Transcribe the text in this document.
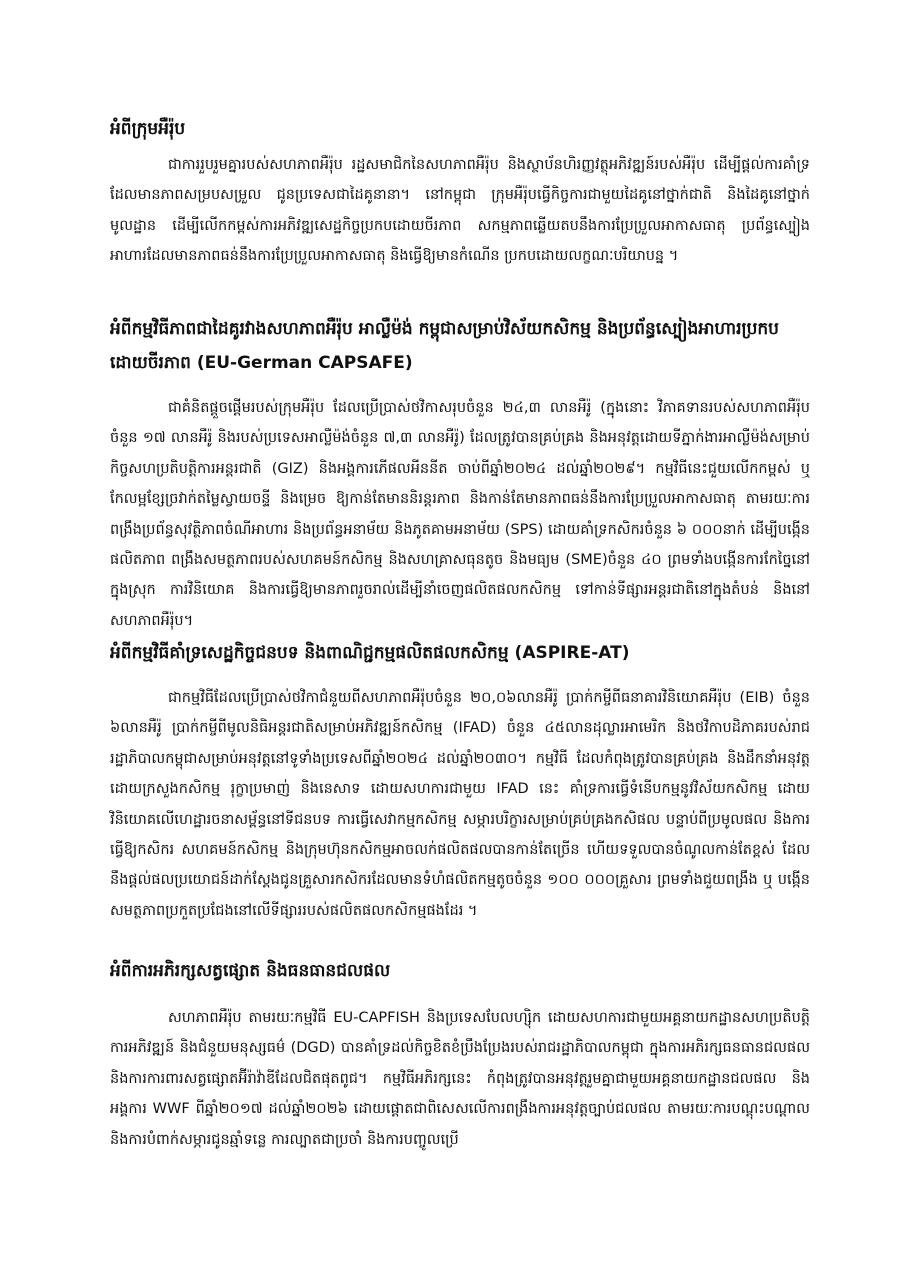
អំពីក្រុមអឺរ៉ុប

ជាការរួបរួមគ្នារបស់សហភាពអឺរ៉ុប រដ្ឋសមាជិកនៃសហភាពអឺរ៉ុប និងស្ថាប័នហិរញ្ញវត្ថុអភិវឌ្ឍន៍របស់អឺរ៉ុប ដើម្បីផ្តល់ការគាំទ្រ ដែលមានភាពសម្របសម្រួល ជូនប្រទេសជាដៃគូនានា។ នៅកម្ពុជា ក្រុមអឺរ៉ុបធ្វើកិច្ចការជាមួយដៃគូនៅថ្នាក់ជាតិ និងដៃគូនៅថ្នាក់មូលដ្ឋាន ដើម្បីលើកកម្ពស់ការអភិវឌ្ឍសេដ្ឋកិច្ចប្រកបដោយចីរភាព សកម្មភាពឆ្លើយតបនឹងការប្រែប្រួលអាកាសធាតុ ប្រព័ន្ធស្បៀងអាហារដែលមានភាពធន់នឹងការប្រែប្រួលអាកាសធាតុ និងធ្វើឱ្យមានកំណើន ប្រកបដោយលក្ខណៈបរិយាបន្ន ។

អំពីកម្មវិធីភាពជាដៃគូរវាងសហភាពអឺរ៉ុប អាល្លឺម៉ង់ កម្ពុជាសម្រាប់វិស័យកសិកម្ម និងប្រព័ន្ធស្បៀងអាហារប្រកបដោយចីរភាព (EU-German CAPSAFE)

ជាគំនិតផ្តួចផ្តើមរបស់ក្រុមអឺរ៉ុប ដែលប្រើប្រាស់ថវិកាសរុបចំនួន ២៤,៣ លានអឺរ៉ូ (ក្នុងនោះ វិភាគទានរបស់សហភាពអឺរ៉ុប ចំនួន ១៧ លានអឺរ៉ូ និងរបស់ប្រទេសអាល្លឺម៉ង់ចំនួន ៧,៣ លានអឺរ៉ូ) ដែលត្រូវបានគ្រប់គ្រង និងអនុវត្តដោយទីភ្នាក់ងារអាល្លឺម៉ង់សម្រាប់កិច្ចសហប្រតិបត្តិការអន្តរជាតិ (GIZ) និងអង្គការភើផលអីននីត ចាប់ពីឆ្នាំ២០២៤ ដល់ឆ្នាំ២០២៩។ កម្មវិធីនេះជួយលើកកម្ពស់ ឬកែលម្អខ្សែច្រវាក់តម្លៃស្វាយចន្ទី និងម្រេច ឱ្យកាន់តែមាននិរន្តរភាព និងកាន់តែមានភាពធន់នឹងការប្រែប្រួលអាកាសធាតុ តាមរយៈការពង្រឹងប្រព័ន្ធសុវត្ថិភាពចំណីអាហារ និងប្រព័ន្ធអនាម័យ និងភូតគាមអនាម័យ (SPS) ដោយគាំទ្រកសិករចំនួន ៦ ០០០នាក់ ដើម្បីបង្កើនផលិតភាព ពង្រឹងសមត្ថភាពរបស់សហគមន៍កសិកម្ម និងសហគ្រាសធុនតូច និងមធ្យម (SME)ចំនួន ៤០ ព្រមទាំងបង្កើនការកែច្នៃនៅក្នុងស្រុក ការវិនិយោគ និងការធ្វើឱ្យមានភាពរួចរាល់ដើម្បីនាំចេញផលិតផលកសិកម្ម ទៅកាន់ទីផ្សារអន្តរជាតិនៅក្នុងតំបន់ និងនៅសហភាពអឺរ៉ុប។

អំពីកម្មវិធីគាំទ្រសេដ្ឋកិច្ចជនបទ និងពាណិជ្ជកម្មផលិតផលកសិកម្ម (ASPIRE-AT)

ជាកម្មវិធីដែលប្រើប្រាស់ថវិកាជំនួយពីសហភាពអឺរ៉ុបចំនួន ២០,០៦លានអឺរ៉ូ ប្រាក់កម្ចីពីធនាគារវិនិយោគអឺរ៉ុប (EIB) ចំនួន ៦លានអឺរ៉ូ ប្រាក់កម្ចីពីមូលនិធិអន្តរជាតិសម្រាប់អភិវឌ្ឍន៍កសិកម្ម (IFAD) ចំនួន ៤៥លានដុល្លារអាមេរិក និងថវិកាបដិភាគរបស់រាជរដ្ឋាភិបាលកម្ពុជាសម្រាប់អនុវត្តនៅទូទាំងប្រទេសពីឆ្នាំ២០២៤ ដល់ឆ្នាំ២០៣០។ កម្មវិធី ដែលកំពុងត្រូវបានគ្រប់គ្រង និងដឹកនាំអនុវត្តដោយក្រសួងកសិកម្ម រុក្ខាប្រមាញ់ និងនេសាទ ដោយសហការជាមួយ IFAD នេះ គាំទ្រការធ្វើទំនើបកម្មនូវវិស័យកសិកម្ម ដោយវិនិយោគលើហេដ្ឋារចនាសម្ព័ន្ធនៅទីជនបទ ការធ្វើសេវាកម្មកសិកម្ម សម្ភារបរិក្ខារសម្រាប់គ្រប់គ្រងកសិផល បន្ទាប់ពីប្រមូលផល និងការធ្វើឱ្យកសិករ សហគមន៍កសិកម្ម និងក្រុមហ៊ុនកសិកម្មអាចលក់ផលិតផលបានកាន់តែច្រើន ហើយទទួលបានចំណូលកាន់តែខ្ពស់ ដែលនឹងផ្តល់ផលប្រយោជន៍ដាក់ស្តែងជូនគ្រួសារកសិករដែលមានទំហំផលិតកម្មតូចចំនួន ១០០ ០០០គ្រួសារ ព្រមទាំងជួយពង្រឹង ឬ បង្កើនសមត្ថភាពប្រកួតប្រជែងនៅលើទីផ្សាររបស់ផលិតផលកសិកម្មផងដែរ ។

អំពីការអភិរក្សសត្វផ្សោត និងធនធានជលផល

សហភាពអឺរ៉ុប តាមរយៈកម្មវិធី EU-CAPFISH និងប្រទេសបែលហ្ស៊ិក ដោយសហការជាមួយអគ្គនាយកដ្ឋានសហប្រតិបត្តិការអភិវឌ្ឍន៍ និងជំនួយមនុស្សធម៌ (DGD) បានគាំទ្រដល់កិច្ចខិតខំប្រឹងប្រែងរបស់រាជរដ្ឋាភិបាលកម្ពុជា ក្នុងការអភិរក្សធនធានជលផល និងការការពារសត្វផ្សោតអ៊ីរ៉ាវ៉ាឌីដែលជិតផុតពូជ។ កម្មវិធីអភិរក្សនេះ កំពុងត្រូវបានអនុវត្តរួមគ្នាជាមួយអគ្គនាយកដ្ឋានជលផល និងអង្គការ WWF ពីឆ្នាំ២០១៧ ដល់ឆ្នាំ២០២៦ ដោយផ្តោតជាពិសេសលើការពង្រឹងការអនុវត្តច្បាប់ជលផល តាមរយៈការបណ្តុះបណ្តាល និងការបំពាក់សម្ភារជូនឆ្មាំទន្លេ ការល្បាតជាប្រចាំ និងការបញ្ចូលប្រើ
